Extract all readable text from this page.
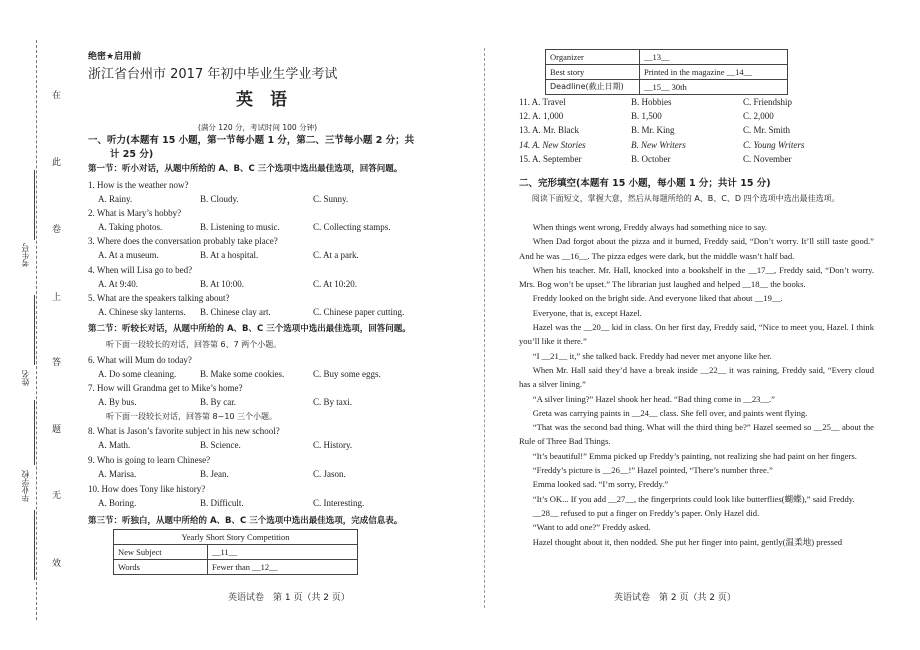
在
此
卷
上
答
题
无
效
考生号
姓名
毕业学校
绝密★启用前
浙江省台州市 2017 年初中毕业生学业考试
英　语
(满分 120 分，考试时间 100 分钟)
一、听力(本题有 15 小题，第一节每小题 1 分，第二、三节每小题 2 分；共
计 25 分)
第一节：听小对话，从题中所给的 A、B、C 三个选项中选出最佳选项，回答问题。
1. How is the weather now?
A. Rainy.	B. Cloudy.	C. Sunny.
2. What is Mary’s hobby?
A. Taking photos.	B. Listening to music.	C. Collecting stamps.
3. Where does the conversation probably take place?
A. At a museum.	B. At a hospital.	C. At a park.
4. When will Lisa go to bed?
A. At 9:40.	B. At 10:00.	C. At 10:20.
5. What are the speakers talking about?
A. Chinese sky lanterns. B. Chinese clay art.	C. Chinese paper cutting.
第二节：听较长对话，从题中所给的 A、B、C 三个选项中选出最佳选项，回答问题。
听下面一段较长的对话，回答第 6、7 两个小题。
6. What will Mum do today?
A. Do some cleaning.	B. Make some cookies.	C. Buy some eggs.
7. How will Grandma get to Mike’s home?
A. By bus.	B. By car.	C. By taxi.
听下面一段较长对话，回答第 8~10 三个小题。
8. What is Jason’s favorite subject in his new school?
A. Math.	B. Science.	C. History.
9. Who is going to learn Chinese?
A. Marisa.	B. Jean.	C. Jason.
10. How does Tony like history?
A. Boring.	B. Difficult.	C. Interesting.
第三节：听独白，从题中所给的 A、B、C 三个选项中选出最佳选项，完成信息表。
Yearly Short Story Competition	
New Subject	__11__
Words	Fewer than __12__
英语试卷　第 1 页（共 2 页）
Organizer	__13__
Best story	Printed in the magazine __14__
Deadline(截止日期)	__15__ 30th
11. A. Travel	B. Hobbies	C. Friendship
12. A. 1,000	B. 1,500	C. 2,000
13. A. Mr. Black	B. Mr. King	C. Mr. Smith
14. A. New Stories	B. New Writers	C. Young Writers
15. A. September	B. October	C. November
二、完形填空(本题有 15 小题，每小题 1 分；共计 15 分)

阅读下面短文，掌握大意，然后从每题所给的 A、B、C、D 四个选项中选出最佳选项。

When things went wrong, Freddy always had something nice to say.

When Dad forgot about the pizza and it burned, Freddy said, “Don’t worry. It’ll still taste good.” And he was __16__. The pizza edges were dark, but the middle wasn’t half bad.

When his teacher. Mr. Hall, knocked into a bookshelf in the __17__, Freddy said, “Don’t worry. Mrs. Bog won’t be upset.” The librarian just laughed and helped __18__ the books.

Freddy looked on the bright side. And everyone liked that about __19__.

Everyone, that is, except Hazel.

Hazel was the __20__ kid in class. On her first day, Freddy said, “Nice to meet you, Hazel. I think you’ll like it there.”

“I __21__ it,” she talked back. Freddy had never met anyone like her.

When Mr. Hall said they’d have a break inside __22__ it was raining, Freddy said, “Every cloud has a silver lining.”

“A silver lining?” Hazel shook her head. “Bad thing come in __23__.”

Greta was carrying paints in __24__ class. She fell over, and paints went flying.

“That was the second bad thing. What will the third thing be?” Hazel seemed so __25__ about the Rule of Three Bad Things.

“It’s beautiful!” Emma picked up Freddy’s painting, not realizing she had paint on her fingers.

“Freddy’s picture is __26__!” Hazel pointed, “There’s number three.”

Emma looked sad. “I’m sorry, Freddy.”

“It’s OK... If you add __27__, the fingerprints could look like butterflies(蝴蝶),” said Freddy.

__28__ refused to put a finger on Freddy’s paper. Only Hazel did.

“Want to add one?” Freddy asked.

Hazel thought about it, then nodded. She put her finger into paint, gently(温柔地) pressed

英语试卷　第 2 页（共 2 页）
